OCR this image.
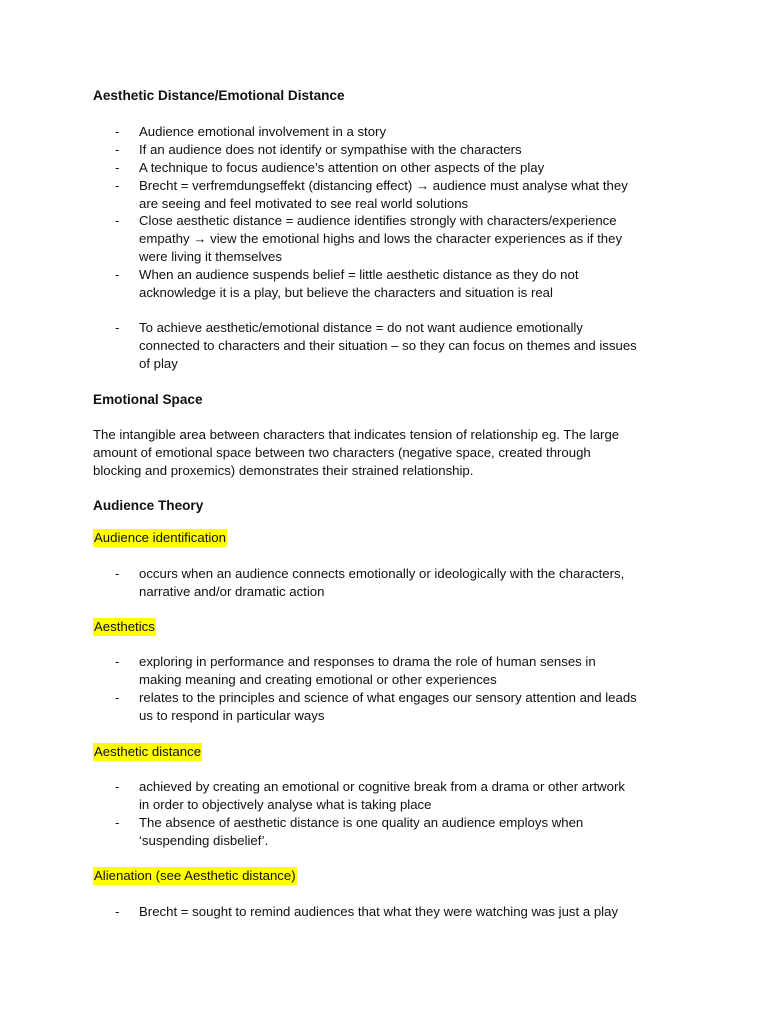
Aesthetic Distance/Emotional Distance
- Audience emotional involvement in a story
- If an audience does not identify or sympathise with the characters
- A technique to focus audience’s attention on other aspects of the play
- Brecht = verfremdungseffekt (distancing effect) → audience must analyse what they
are seeing and feel motivated to see real world solutions
- Close aesthetic distance = audience identifies strongly with characters/experience
empathy → view the emotional highs and lows the character experiences as if they
were living it themselves
- When an audience suspends belief = little aesthetic distance as they do not
acknowledge it is a play, but believe the characters and situation is real
- To achieve aesthetic/emotional distance = do not want audience emotionally
connected to characters and their situation – so they can focus on themes and issues
of play
Emotional Space
The intangible area between characters that indicates tension of relationship eg. The large
amount of emotional space between two characters (negative space, created through
blocking and proxemics) demonstrates their strained relationship.
Audience Theory
Audience identification
- occurs when an audience connects emotionally or ideologically with the characters,
narrative and/or dramatic action
Aesthetics
- exploring in performance and responses to drama the role of human senses in
making meaning and creating emotional or other experiences
- relates to the principles and science of what engages our sensory attention and leads
us to respond in particular ways
Aesthetic distance
- achieved by creating an emotional or cognitive break from a drama or other artwork
in order to objectively analyse what is taking place
- The absence of aesthetic distance is one quality an audience employs when
‘suspending disbelief’.
Alienation (see Aesthetic distance)
- Brecht = sought to remind audiences that what they were watching was just a play
